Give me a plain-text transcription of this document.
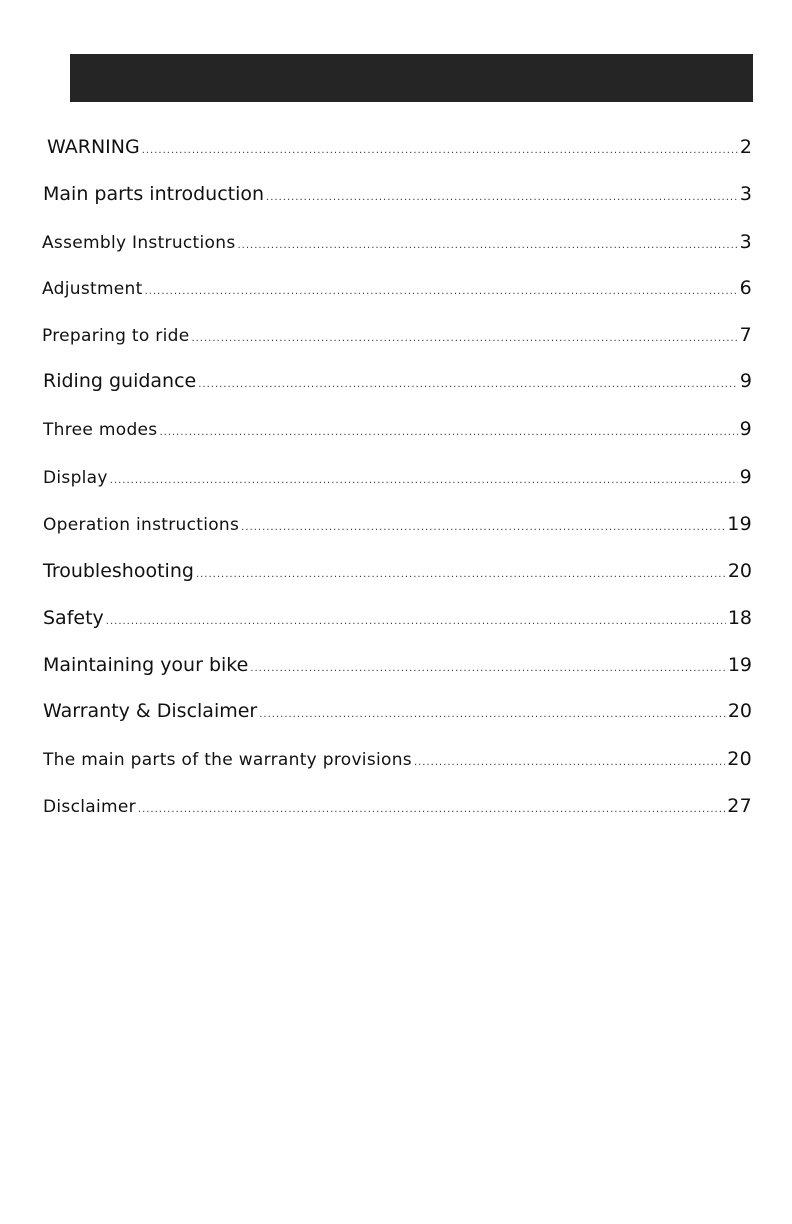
WARNING .....	2
Main parts introduction .....	3
Assembly Instructions .....	3
Adjustment .....	6
Preparing to ride .....	7
Riding guidance .....	9
Three modes .....	9
Display .....	9
Operation instructions .....	19
Troubleshooting .....	20
Safety .....	18
Maintaining your bike .....	19
Warranty & Disclaimer .....	20
The main parts of the warranty provisions .....	20
Disclaimer .....	27
